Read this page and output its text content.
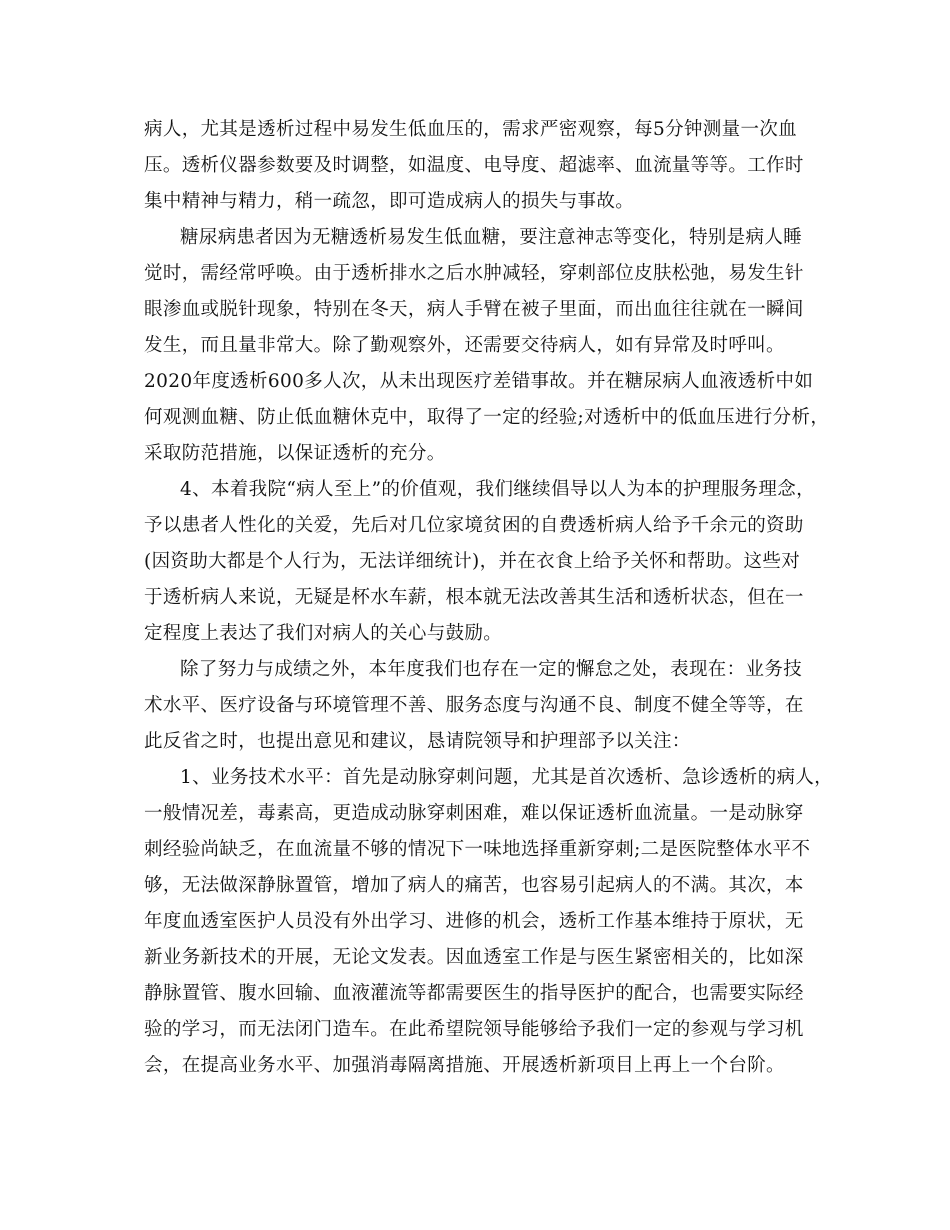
病人，尤其是透析过程中易发生低血压的，需求严密观察，每5分钟测量一次血
压。透析仪器参数要及时调整，如温度、电导度、超滤率、血流量等等。工作时
集中精神与精力，稍一疏忽，即可造成病人的损失与事故。
糖尿病患者因为无糖透析易发生低血糖，要注意神志等变化，特别是病人睡
觉时，需经常呼唤。由于透析排水之后水肿减轻，穿刺部位皮肤松弛，易发生针
眼渗血或脱针现象，特别在冬天，病人手臂在被子里面，而出血往往就在一瞬间
发生，而且量非常大。除了勤观察外，还需要交待病人，如有异常及时呼叫。
2020年度透析600多人次，从未出现医疗差错事故。并在糖尿病人血液透析中如
何观测血糖、防止低血糖休克中，取得了一定的经验;对透析中的低血压进行分析，
采取防范措施，以保证透析的充分。
4、本着我院“病人至上”的价值观，我们继续倡导以人为本的护理服务理念，
予以患者人性化的关爱，先后对几位家境贫困的自费透析病人给予千余元的资助
(因资助大都是个人行为，无法详细统计)，并在衣食上给予关怀和帮助。这些对
于透析病人来说，无疑是杯水车薪，根本就无法改善其生活和透析状态，但在一
定程度上表达了我们对病人的关心与鼓励。
除了努力与成绩之外，本年度我们也存在一定的懈怠之处，表现在：业务技
术水平、医疗设备与环境管理不善、服务态度与沟通不良、制度不健全等等，在
此反省之时，也提出意见和建议，恳请院领导和护理部予以关注：
1、业务技术水平：首先是动脉穿刺问题，尤其是首次透析、急诊透析的病人，
一般情况差，毒素高，更造成动脉穿刺困难，难以保证透析血流量。一是动脉穿
刺经验尚缺乏，在血流量不够的情况下一味地选择重新穿刺;二是医院整体水平不
够，无法做深静脉置管，增加了病人的痛苦，也容易引起病人的不满。其次，本
年度血透室医护人员没有外出学习、进修的机会，透析工作基本维持于原状，无
新业务新技术的开展，无论文发表。因血透室工作是与医生紧密相关的，比如深
静脉置管、腹水回输、血液灌流等都需要医生的指导医护的配合，也需要实际经
验的学习，而无法闭门造车。在此希望院领导能够给予我们一定的参观与学习机
会，在提高业务水平、加强消毒隔离措施、开展透析新项目上再上一个台阶。
